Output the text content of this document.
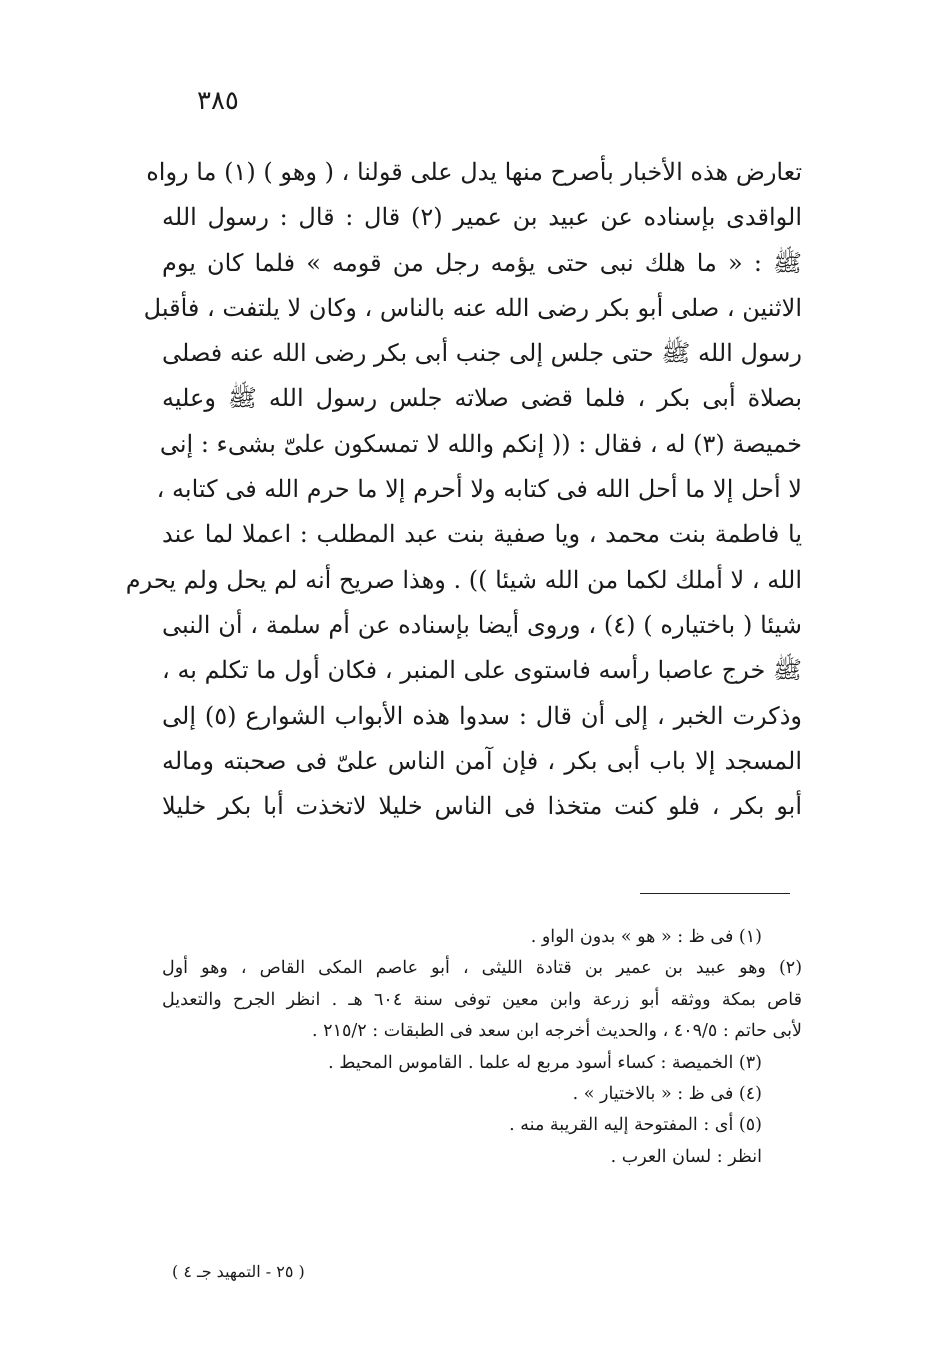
٣٨٥
تعارض هذه الأخبار بأصرح منها يدل على قولنا ، ( وهو ) (١) ما رواه
الواقدى بإسناده عن عبيد بن عمير (٢) قال : قال : رسول الله
ﷺ : « ما هلك نبى حتى يؤمه رجل من قومه » فلما كان يوم
الاثنين ، صلى أبو بكر رضى الله عنه بالناس ، وكان لا يلتفت ، فأقبل
رسول الله ﷺ حتى جلس إلى جنب أبى بكر رضى الله عنه فصلى
بصلاة أبى بكر ، فلما قضى صلاته جلس رسول الله ﷺ وعليه
خميصة (٣) له ، فقال : (( إنكم والله لا تمسكون علىّ بشىء : إنى
لا أحل إلا ما أحل الله فى كتابه ولا أحرم إلا ما حرم الله فى كتابه ،
يا فاطمة بنت محمد ، ويا صفية بنت عبد المطلب : اعملا لما عند
الله ، لا أملك لكما من الله شيئا )) . وهذا صريح أنه لم يحل ولم يحرم
شيئا ( باختياره ) (٤) ، وروى أيضا بإسناده عن أم سلمة ، أن النبى
ﷺ خرج عاصبا رأسه فاستوى على المنبر ، فكان أول ما تكلم به ،
وذكرت الخبر ، إلى أن قال : سدوا هذه الأبواب الشوارع (٥) إلى
المسجد إلا باب أبى بكر ، فإن آمن الناس علىّ فى صحبته وماله
أبو بكر ، فلو كنت متخذا فى الناس خليلا لاتخذت أبا بكر خليلا
(١) فى ظ : « هو » بدون الواو .
(٢) وهو عبيد بن عمير بن قتادة الليثى ، أبو عاصم المكى القاص ، وهو أول
قاص بمكة ووثقه أبو زرعة وابن معين توفى سنة ٦٠٤ هـ . انظر الجرح والتعديل
لأبى حاتم : ٤٠٩/٥ ، والحديث أخرجه ابن سعد فى الطبقات : ٢١٥/٢ .
(٣) الخميصة : كساء أسود مربع له علما . القاموس المحيط .
(٤) فى ظ : « بالاختيار » .
(٥) أى : المفتوحة إليه القريبة منه .
انظر : لسان العرب .
( ٢٥ - التمهيد جـ ٤ )
